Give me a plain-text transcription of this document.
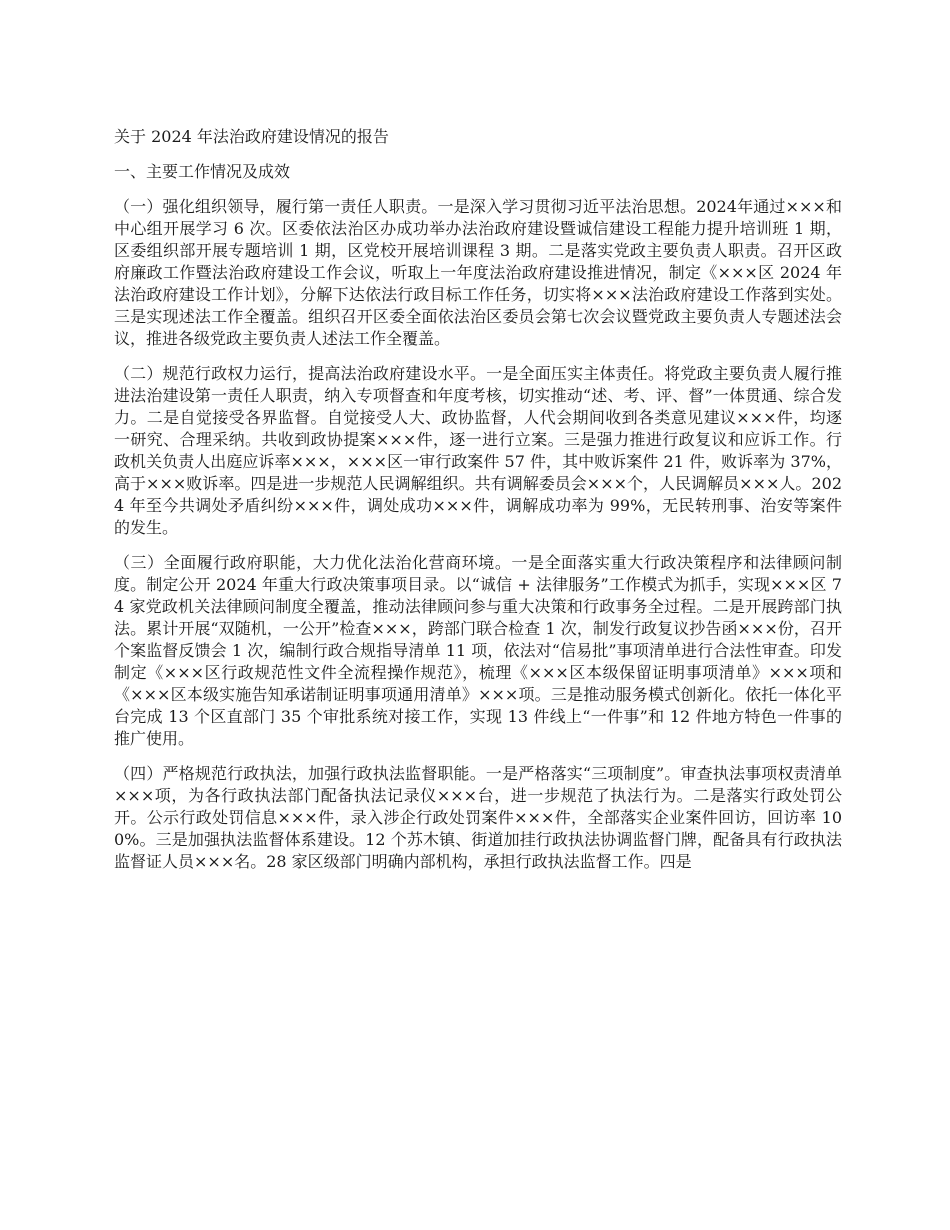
关于 2024 年法治政府建设情况的报告
一、主要工作情况及成效

（一）强化组织领导，履行第一责任人职责。一是深入学习贯彻习近平法治思想。2024年通过×××和中心组开展学习 6 次。区委依法治区办成功举办法治政府建设暨诚信建设工程能力提升培训班 1 期，区委组织部开展专题培训 1 期，区党校开展培训课程 3 期。二是落实党政主要负责人职责。召开区政府廉政工作暨法治政府建设工作会议，听取上一年度法治政府建设推进情况，制定《×××区 2024 年法治政府建设工作计划》，分解下达依法行政目标工作任务，切实将×××法治政府建设工作落到实处。三是实现述法工作全覆盖。组织召开区委全面依法治区委员会第七次会议暨党政主要负责人专题述法会议，推进各级党政主要负责人述法工作全覆盖。

（二）规范行政权力运行，提高法治政府建设水平。一是全面压实主体责任。将党政主要负责人履行推进法治建设第一责任人职责，纳入专项督查和年度考核，切实推动“述、考、评、督”一体贯通、综合发力。二是自觉接受各界监督。自觉接受人大、政协监督，人代会期间收到各类意见建议×××件，均逐一研究、合理采纳。共收到政协提案×××件，逐一进行立案。三是强力推进行政复议和应诉工作。行政机关负责人出庭应诉率×××，×××区一审行政案件 57 件，其中败诉案件 21 件，败诉率为 37%，高于×××败诉率。四是进一步规范人民调解组织。共有调解委员会×××个，人民调解员×××人。2024 年至今共调处矛盾纠纷×××件，调处成功×××件，调解成功率为 99%，无民转刑事、治安等案件的发生。

（三）全面履行政府职能，大力优化法治化营商环境。一是全面落实重大行政决策程序和法律顾问制度。制定公开 2024 年重大行政决策事项目录。以“诚信 + 法律服务”工作模式为抓手，实现×××区 74 家党政机关法律顾问制度全覆盖，推动法律顾问参与重大决策和行政事务全过程。二是开展跨部门执法。累计开展“双随机，一公开”检查×××，跨部门联合检查 1 次，制发行政复议抄告函×××份，召开个案监督反馈会 1 次，编制行政合规指导清单 11 项，依法对“信易批”事项清单进行合法性审查。印发制定《×××区行政规范性文件全流程操作规范》，梳理《×××区本级保留证明事项清单》×××项和《×××区本级实施告知承诺制证明事项通用清单》×××项。三是推动服务模式创新化。依托一体化平台完成 13 个区直部门 35 个审批系统对接工作，实现 13 件线上“一件事”和 12 件地方特色一件事的推广使用。

（四）严格规范行政执法，加强行政执法监督职能。一是严格落实“三项制度”。审查执法事项权责清单×××项，为各行政执法部门配备执法记录仪×××台，进一步规范了执法行为。二是落实行政处罚公开。公示行政处罚信息×××件，录入涉企行政处罚案件×××件，全部落实企业案件回访，回访率 100%。三是加强执法监督体系建设。12 个苏木镇、街道加挂行政执法协调监督门牌，配备具有行政执法监督证人员×××名。28 家区级部门明确内部机构，承担行政执法监督工作。四是
